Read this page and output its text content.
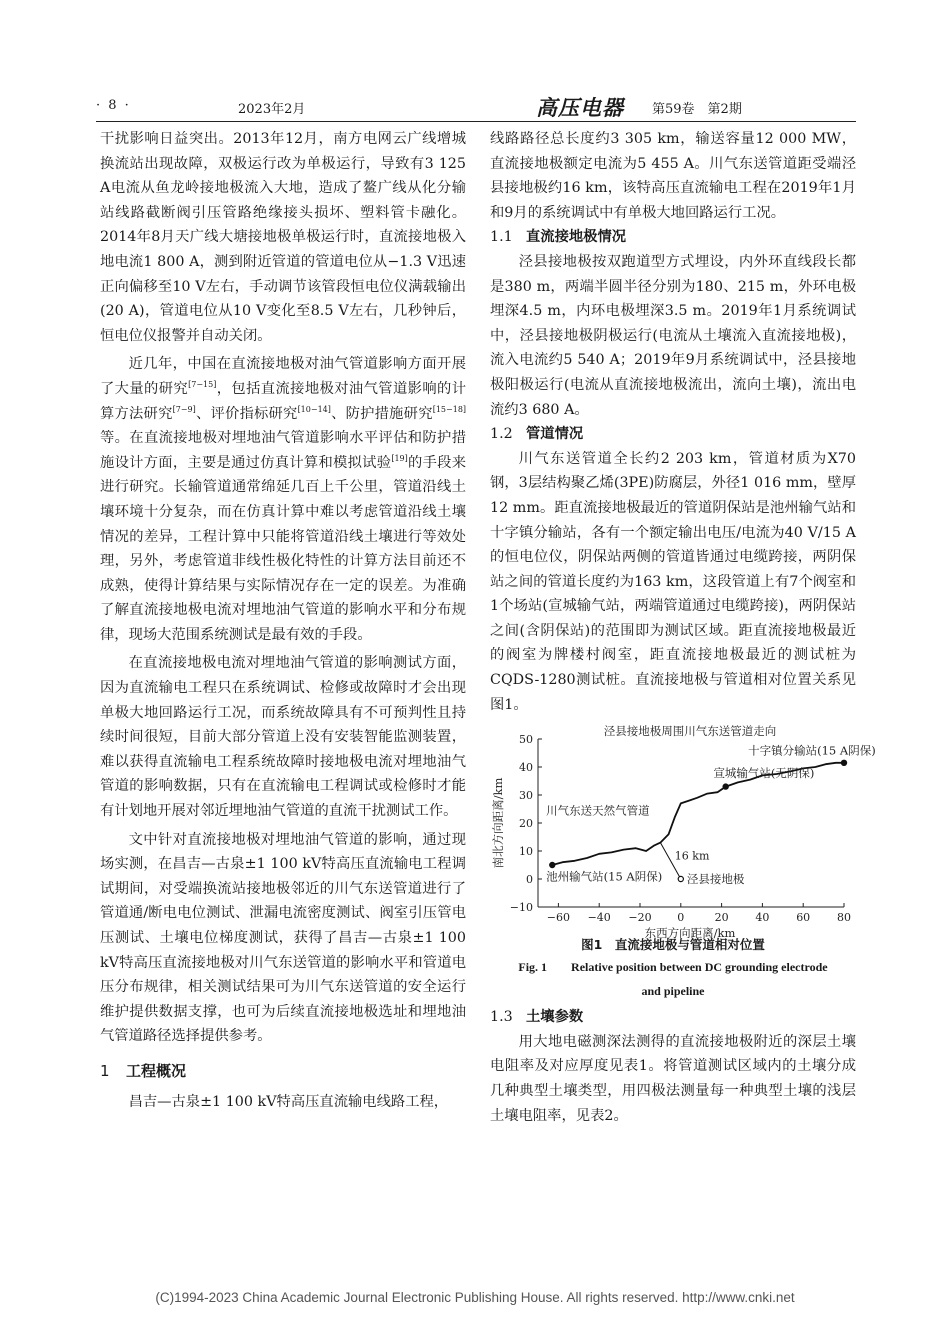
· 8 ·	2023年2月	高压电器 第59卷　第2期

干扰影响日益突出。2013年12月，南方电网云广线增城换流站出现故障，双极运行改为单极运行，导致有3 125 A电流从鱼龙岭接地极流入大地，造成了鳌广线从化分输站线路截断阀引压管路绝缘接头损坏、塑料管卡融化。2014年8月天广线大塘接地极单极运行时，直流接地极入地电流1 800 A，测到附近管道的管道电位从−1.3 V迅速正向偏移至10 V左右，手动调节该管段恒电位仪满载输出(20 A)，管道电位从10 V变化至8.5 V左右，几秒钟后，恒电位仪报警并自动关闭。

近几年，中国在直流接地极对油气管道影响方面开展了大量的研究[7−15]，包括直流接地极对油气管道影响的计算方法研究[7−9]、评价指标研究[10−14]、防护措施研究[15−18]等。在直流接地极对埋地油气管道影响水平评估和防护措施设计方面，主要是通过仿真计算和模拟试验[19]的手段来进行研究。长输管道通常绵延几百上千公里，管道沿线土壤环境十分复杂，而在仿真计算中难以考虑管道沿线土壤情况的差异，工程计算中只能将管道沿线土壤进行等效处理，另外，考虑管道非线性极化特性的计算方法目前还不成熟，使得计算结果与实际情况存在一定的误差。为准确了解直流接地极电流对埋地油气管道的影响水平和分布规律，现场大范围系统测试是最有效的手段。

在直流接地极电流对埋地油气管道的影响测试方面，因为直流输电工程只在系统调试、检修或故障时才会出现单极大地回路运行工况，而系统故障具有不可预判性且持续时间很短，目前大部分管道上没有安装智能监测装置，难以获得直流输电工程系统故障时接地极电流对埋地油气管道的影响数据，只有在直流输电工程调试或检修时才能有计划地开展对邻近埋地油气管道的直流干扰测试工作。

文中针对直流接地极对埋地油气管道的影响，通过现场实测，在昌吉—古泉±1 100 kV特高压直流输电工程调试期间，对受端换流站接地极邻近的川气东送管道进行了管道通/断电电位测试、泄漏电流密度测试、阀室引压管电压测试、土壤电位梯度测试，获得了昌吉—古泉±1 100 kV特高压直流接地极对川气东送管道的影响水平和管道电压分布规律，相关测试结果可为川气东送管道的安全运行维护提供数据支撑，也可为后续直流接地极选址和埋地油气管道路径选择提供参考。

1 工程概况

昌吉—古泉±1 100 kV特高压直流输电线路工程，

线路路径总长度约3 305 km，输送容量12 000 MW，直流接地极额定电流为5 455 A。川气东送管道距受端泾县接地极约16 km，该特高压直流输电工程在2019年1月和9月的系统调试中有单极大地回路运行工况。

1.1 直流接地极情况

泾县接地极按双跑道型方式埋设，内外环直线段长都是380 m，两端半圆半径分别为180、215 m，外环电极埋深4.5 m，内环电极埋深3.5 m。2019年1月系统调试中，泾县接地极阴极运行(电流从土壤流入直流接地极)，流入电流约5 540 A；2019年9月系统调试中，泾县接地极阳极运行(电流从直流接地极流出，流向土壤)，流出电流约3 680 A。

1.2 管道情况

川气东送管道全长约2 203 km，管道材质为X70钢，3层结构聚乙烯(3PE)防腐层，外径1 016 mm，壁厚12 mm。距直流接地极最近的管道阴保站是池州输气站和十字镇分输站，各有一个额定输出电压/电流为40 V/15 A的恒电位仪，阴保站两侧的管道皆通过电缆跨接，两阴保站之间的管道长度约为163 km，这段管道上有7个阀室和1个场站(宣城输气站，两端管道通过电缆跨接)，两阴保站之间(含阴保站)的范围即为测试区域。距直流接地极最近的阀室为牌楼村阀室，距直流接地极最近的测试桩为CQDS-1280测试桩。直流接地极与管道相对位置关系见图1。

−10
0
10
20
30
40
50
−60 −40 −20 0	20 40 60 80
东西方向距离/km
南北方向距离/km
泾县接地极周围川气东送管道走向
16 km
川气东送天然气管道
池州输气站(15 A阴保)
宣城输气站(无阴保)
十字镇分输站(15 A阴保)
泾县接地极
图1　直流接地极与管道相对位置
Fig. 1　　Relative position between DC grounding electrode
and pipeline
1.3 土壤参数

用大地电磁测深法测得的直流接地极附近的深层土壤电阻率及对应厚度见表1。将管道测试区域内的土壤分成几种典型土壤类型，用四极法测量每一种典型土壤的浅层土壤电阻率，见表2。

(C)1994-2023 China Academic Journal Electronic Publishing House. All rights reserved. http://www.cnki.net
